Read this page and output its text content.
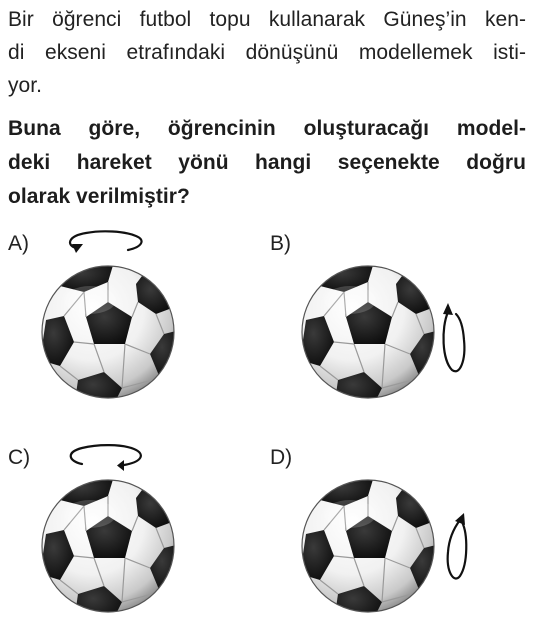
Bir öğrenci futbol topu kullanarak Güneş’in ken-
di ekseni etrafındaki dönüşünü modellemek isti-
yor.
Buna göre, öğrencinin oluşturacağı model-
deki hareket yönü hangi seçenekte doğru
olarak verilmiştir?
A)	B)
C)	D)
